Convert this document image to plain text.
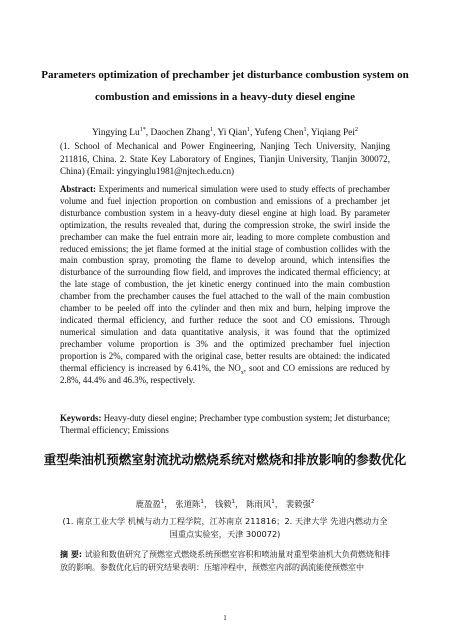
Parameters optimization of prechamber jet disturbance combustion system on combustion and emissions in a heavy-duty diesel engine
Yingying $Lu^{1*}$, Daochen Zhang$^1$, Yi Qian$^1$, Yufeng Chen$^1$, Yiqiang Pei$^2$
(1. School of Mechanical and Power Engineering, Nanjing Tech University, Nanjing 211816, China. 2. State Key Laboratory of Engines, Tianjin University, Tianjin 300072, China) (Email: yingyinglu1981@njtech.edu.cn)

Abstract: Experiments and numerical simulation were used to study effects of prechamber volume and fuel injection proportion on combustion and emissions of a prechamber jet disturbance combustion system in a heavy-duty diesel engine at high load. By parameter optimization, the results revealed that, during the compression stroke, the swirl inside the prechamber can make the fuel entrain more air, leading to more complete combustion and reduced emissions; the jet flame formed at the initial stage of combustion collides with the main combustion spray, promoting the flame to develop around, which intensifies the disturbance of the surrounding flow field, and improves the indicated thermal efficiency; at the late stage of combustion, the jet kinetic energy continued into the main combustion chamber from the prechamber causes the fuel attached to the wall of the main combustion chamber to be peeled off into the cylinder and then mix and burn, helping improve the indicated thermal efficiency, and further reduce the soot and CO emissions. Through numerical simulation and data quantitative analysis, it was found that the optimized prechamber volume proportion is 3% and the optimized prechamber fuel injection proportion is 2%, compared with the original case, better results are obtained: the indicated thermal efficiency is increased by 6.41%, the $NO_x$, soot and CO emissions are reduced by 2.8%, 44.4% and 46.3%, respectively.

Keywords: Heavy-duty diesel engine; Prechamber type combustion system; Jet disturbance; Thermal efficiency; Emissions

重型柴油机预燃室射流扰动燃烧系统对燃烧和排放影响的参数优化
鹿盈盈$^1$， 张道陈$^1$， 钱毅$^1$， 陈雨风$^1$， 裴毅强$^2$
(1. 南京工业大学 机械与动力工程学院，江苏南京 211816；2. 天津大学 先进内燃动力全国重点实验室，天津 300072)

摘 要: 试验和数值研究了预燃室式燃烧系统预燃室容积和喷油量对重型柴油机大负荷燃烧和排放的影响。参数优化后的研究结果表明：压缩冲程中，预燃室内部的涡流能使预燃室中

1
